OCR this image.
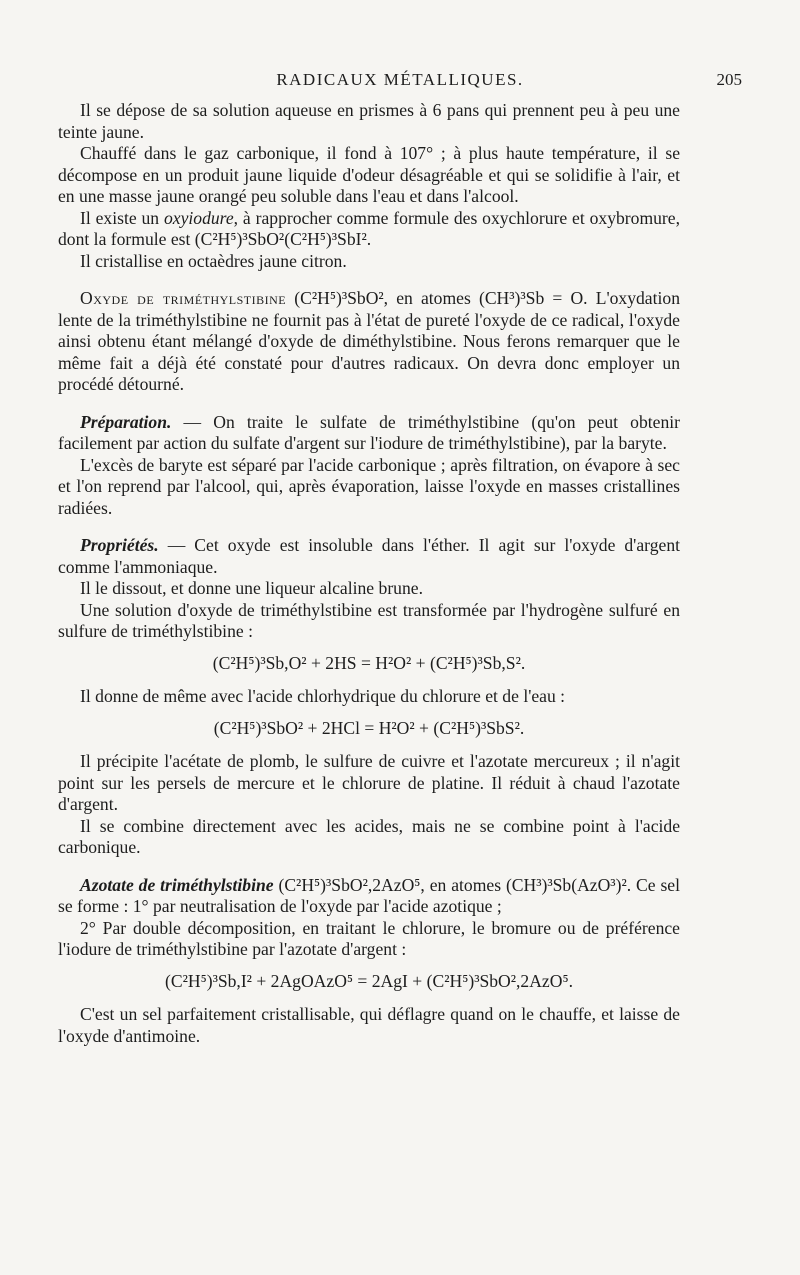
RADICAUX MÉTALLIQUES.	205

Il se dépose de sa solution aqueuse en prismes à 6 pans qui prennent peu à peu une teinte jaune.

Chauffé dans le gaz carbonique, il fond à 107° ; à plus haute température, il se décompose en un produit jaune liquide d'odeur désagréable et qui se solidifie à l'air, et en une masse jaune orangé peu soluble dans l'eau et dans l'alcool.

Il existe un oxyiodure, à rapprocher comme formule des oxychlorure et oxybromure, dont la formule est (C²H⁵)³SbO²(C²H⁵)³SbI².

Il cristallise en octaèdres jaune citron.

Oxyde de triméthylstibine (C²H⁵)³SbO², en atomes (CH³)³Sb = O. L'oxydation lente de la triméthylstibine ne fournit pas à l'état de pureté l'oxyde de ce radical, l'oxyde ainsi obtenu étant mélangé d'oxyde de diméthylstibine. Nous ferons remarquer que le même fait a déjà été constaté pour d'autres radicaux. On devra donc employer un procédé détourné.

Préparation. — On traite le sulfate de triméthylstibine (qu'on peut obtenir facilement par action du sulfate d'argent sur l'iodure de triméthylstibine), par la baryte.

L'excès de baryte est séparé par l'acide carbonique ; après filtration, on évapore à sec et l'on reprend par l'alcool, qui, après évaporation, laisse l'oxyde en masses cristallines radiées.

Propriétés. — Cet oxyde est insoluble dans l'éther. Il agit sur l'oxyde d'argent comme l'ammoniaque.

Il le dissout, et donne une liqueur alcaline brune.

Une solution d'oxyde de triméthylstibine est transformée par l'hydrogène sulfuré en sulfure de triméthylstibine :

(C²H⁵)³Sb,O² + 2HS = H²O² + (C²H⁵)³Sb,S².

Il donne de même avec l'acide chlorhydrique du chlorure et de l'eau :

(C²H⁵)³SbO² + 2HCl = H²O² + (C²H⁵)³SbS².

Il précipite l'acétate de plomb, le sulfure de cuivre et l'azotate mercureux ; il n'agit point sur les persels de mercure et le chlorure de platine. Il réduit à chaud l'azotate d'argent.

Il se combine directement avec les acides, mais ne se combine point à l'acide carbonique.

Azotate de triméthylstibine (C²H⁵)³SbO²,2AzO⁵, en atomes (CH³)³Sb(AzO³)². Ce sel se forme : 1° par neutralisation de l'oxyde par l'acide azotique ;

2° Par double décomposition, en traitant le chlorure, le bromure ou de préférence l'iodure de triméthylstibine par l'azotate d'argent :

(C²H⁵)³Sb,I² + 2AgOAzO⁵ = 2AgI + (C²H⁵)³SbO²,2AzO⁵.

C'est un sel parfaitement cristallisable, qui déflagre quand on le chauffe, et laisse de l'oxyde d'antimoine.
